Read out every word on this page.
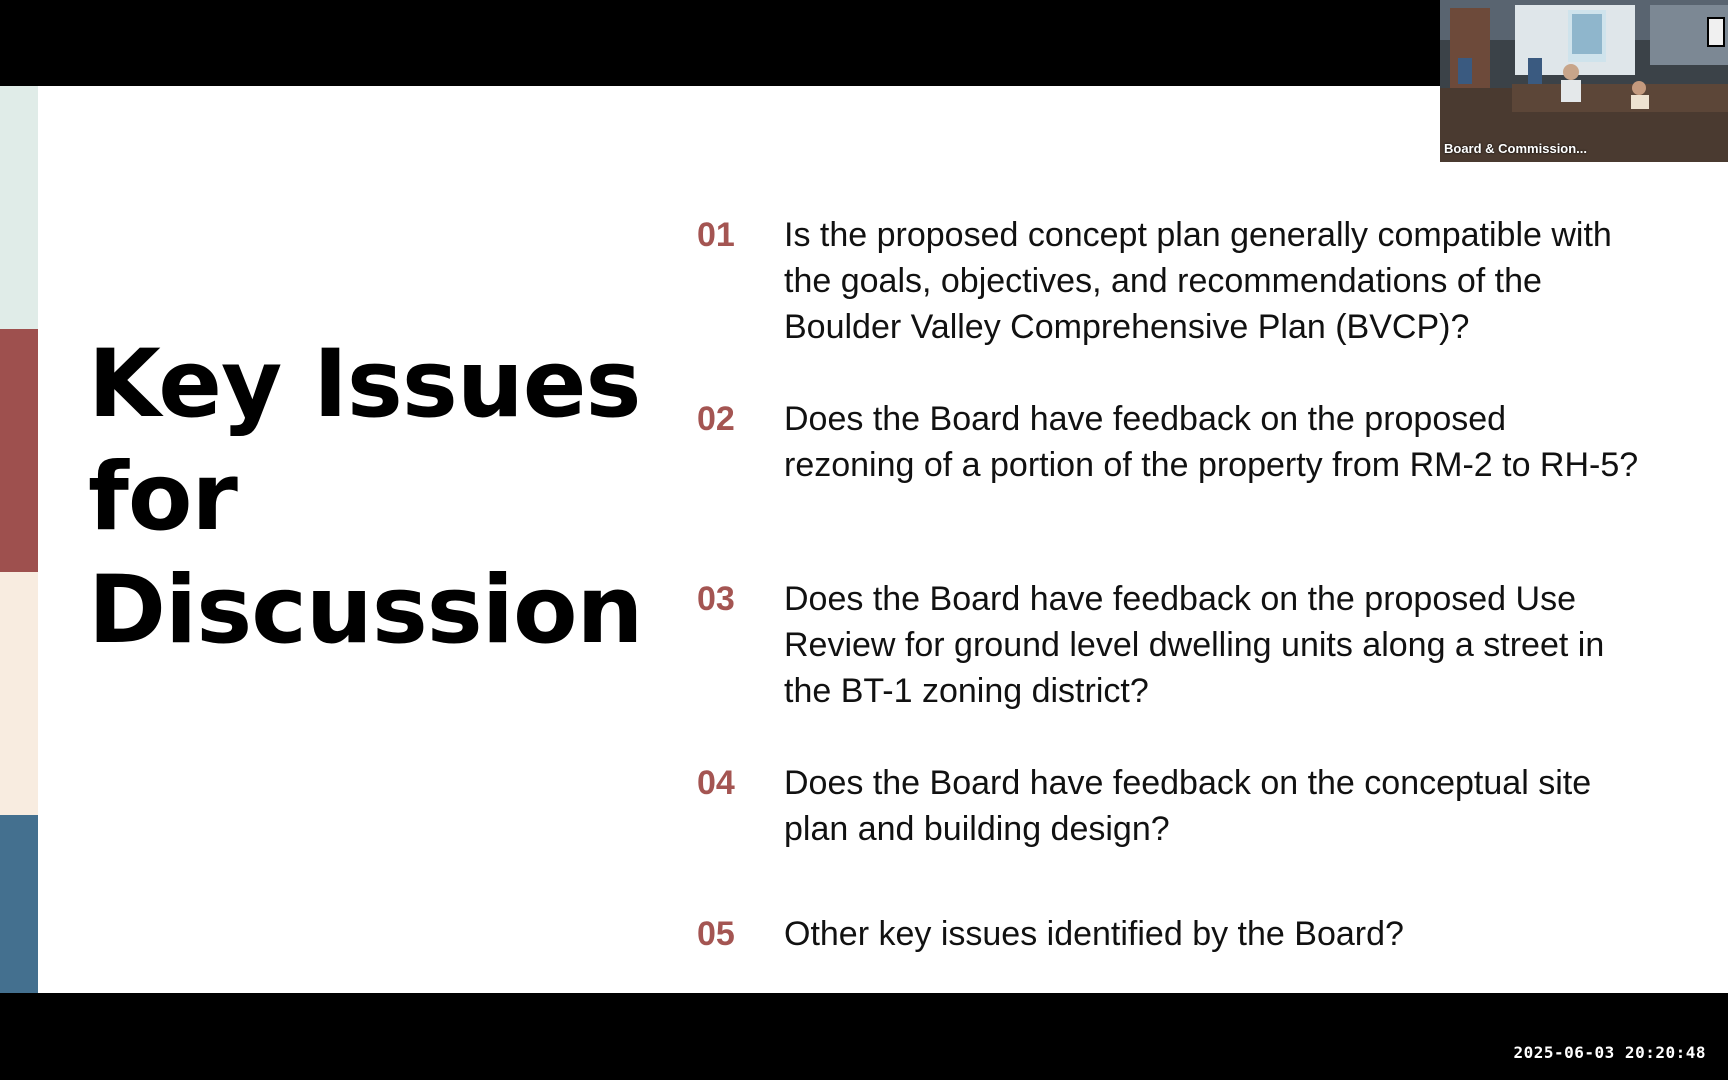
Key Issues
for
Discussion
01 Is the proposed concept plan generally compatible with the goals, objectives, and recommendations of the Boulder Valley Comprehensive Plan (BVCP)?
02 Does the Board have feedback on the proposed rezoning of a portion of the property from RM-2 to RH-5?
03 Does the Board have feedback on the proposed Use Review for ground level dwelling units along a street in the BT-1 zoning district?
04 Does the Board have feedback on the conceptual site plan and building design?
05 Other key issues identified by the Board?
Board & Commission...
2025-06-03 20:20:48
